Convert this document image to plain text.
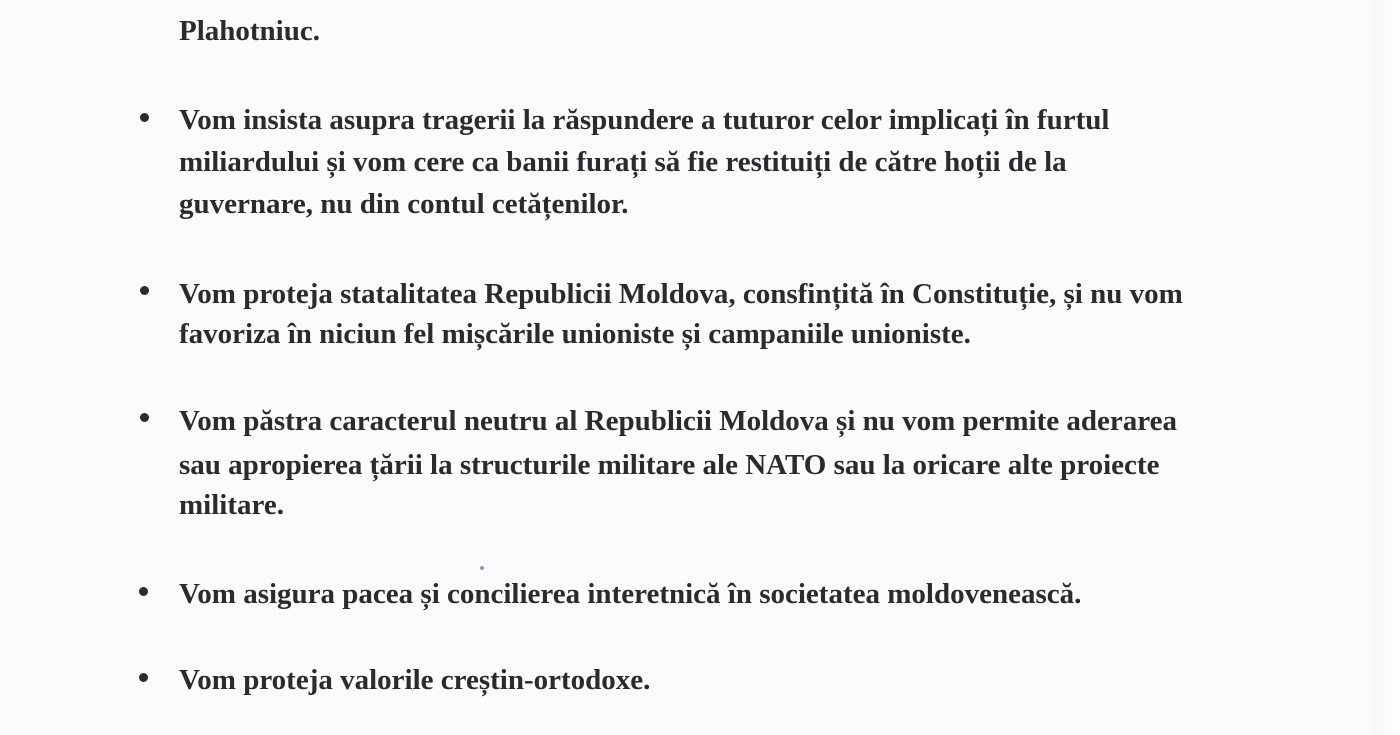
Plahotniuc.
Vom insista asupra tragerii la răspundere a tuturor celor implicați în furtul
miliardului și vom cere ca banii furați să fie restituiți de către hoții de la
guvernare, nu din contul cetățenilor.
Vom proteja statalitatea Republicii Moldova, consfințită în Constituție, și nu vom
favoriza în niciun fel mișcările unioniste și campaniile unioniste.
Vom păstra caracterul neutru al Republicii Moldova și nu vom permite aderarea
sau apropierea țării la structurile militare ale NATO sau la oricare alte proiecte
militare.
Vom asigura pacea și concilierea interetnică în societatea moldovenească.
Vom proteja valorile creștin-ortodoxe.
